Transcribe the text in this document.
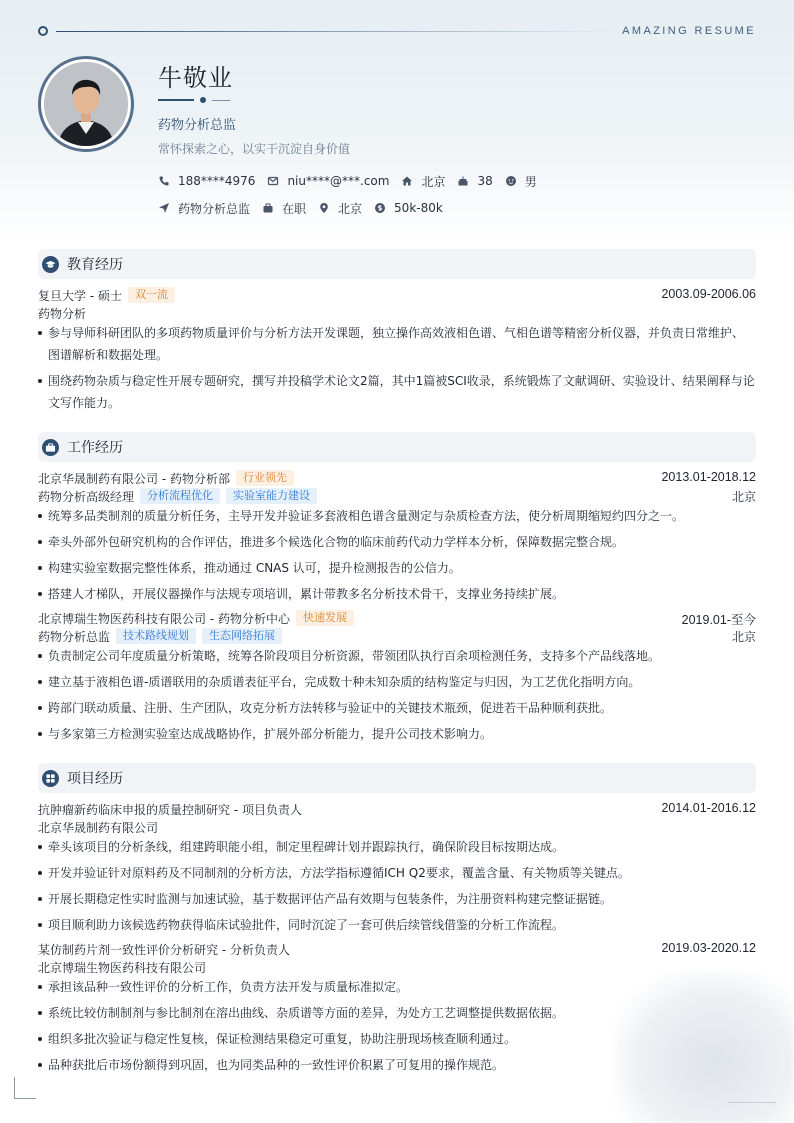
AMAZING RESUME
牛敬业
药物分析总监
常怀探索之心，以实干沉淀自身价值
188****4976	niu****@***.com	北京	38	男
药物分析总监	在职	北京	50k-80k
教育经历
复旦大学 - 硕士	双一流	2003.09-2006.06
药物分析
参与导师科研团队的多项药物质量评价与分析方法开发课题，独立操作高效液相色谱、气相色谱等精密分析仪器，并负责日常维护、
图谱解析和数据处理。
围绕药物杂质与稳定性开展专题研究，撰写并投稿学术论文2篇，其中1篇被SCI收录，系统锻炼了文献调研、实验设计、结果阐释与论
文写作能力。
工作经历
北京华晟制药有限公司 - 药物分析部	行业领先	2013.01-2018.12
药物分析高级经理	分析流程优化	实验室能力建设	北京
统筹多品类制剂的质量分析任务，主导开发并验证多套液相色谱含量测定与杂质检查方法，使分析周期缩短约四分之一。
牵头外部外包研究机构的合作评估，推进多个候选化合物的临床前药代动力学样本分析，保障数据完整合规。
构建实验室数据完整性体系，推动通过 CNAS 认可，提升检测报告的公信力。
搭建人才梯队，开展仪器操作与法规专项培训，累计带教多名分析技术骨干，支撑业务持续扩展。
北京博瑞生物医药科技有限公司 - 药物分析中心	快速发展	2019.01-至今
药物分析总监	技术路线规划	生态网络拓展	北京
负责制定公司年度质量分析策略，统筹各阶段项目分析资源，带领团队执行百余项检测任务，支持多个产品线落地。
建立基于液相色谱-质谱联用的杂质谱表征平台，完成数十种未知杂质的结构鉴定与归因，为工艺优化指明方向。
跨部门联动质量、注册、生产团队，攻克分析方法转移与验证中的关键技术瓶颈，促进若干品种顺利获批。
与多家第三方检测实验室达成战略协作，扩展外部分析能力，提升公司技术影响力。
项目经历
抗肿瘤新药临床申报的质量控制研究 - 项目负责人	2014.01-2016.12
北京华晟制药有限公司
牵头该项目的分析条线，组建跨职能小组，制定里程碑计划并跟踪执行，确保阶段目标按期达成。
开发并验证针对原料药及不同制剂的分析方法，方法学指标遵循ICH Q2要求，覆盖含量、有关物质等关键点。
开展长期稳定性实时监测与加速试验，基于数据评估产品有效期与包装条件，为注册资料构建完整证据链。
项目顺利助力该候选药物获得临床试验批件，同时沉淀了一套可供后续管线借鉴的分析工作流程。
某仿制药片剂一致性评价分析研究 - 分析负责人	2019.03-2020.12
北京博瑞生物医药科技有限公司
承担该品种一致性评价的分析工作，负责方法开发与质量标准拟定。
系统比较仿制制剂与参比制剂在溶出曲线、杂质谱等方面的差异，为处方工艺调整提供数据依据。
组织多批次验证与稳定性复核，保证检测结果稳定可重复，协助注册现场核查顺利通过。
品种获批后市场份额得到巩固，也为同类品种的一致性评价积累了可复用的操作规范。
